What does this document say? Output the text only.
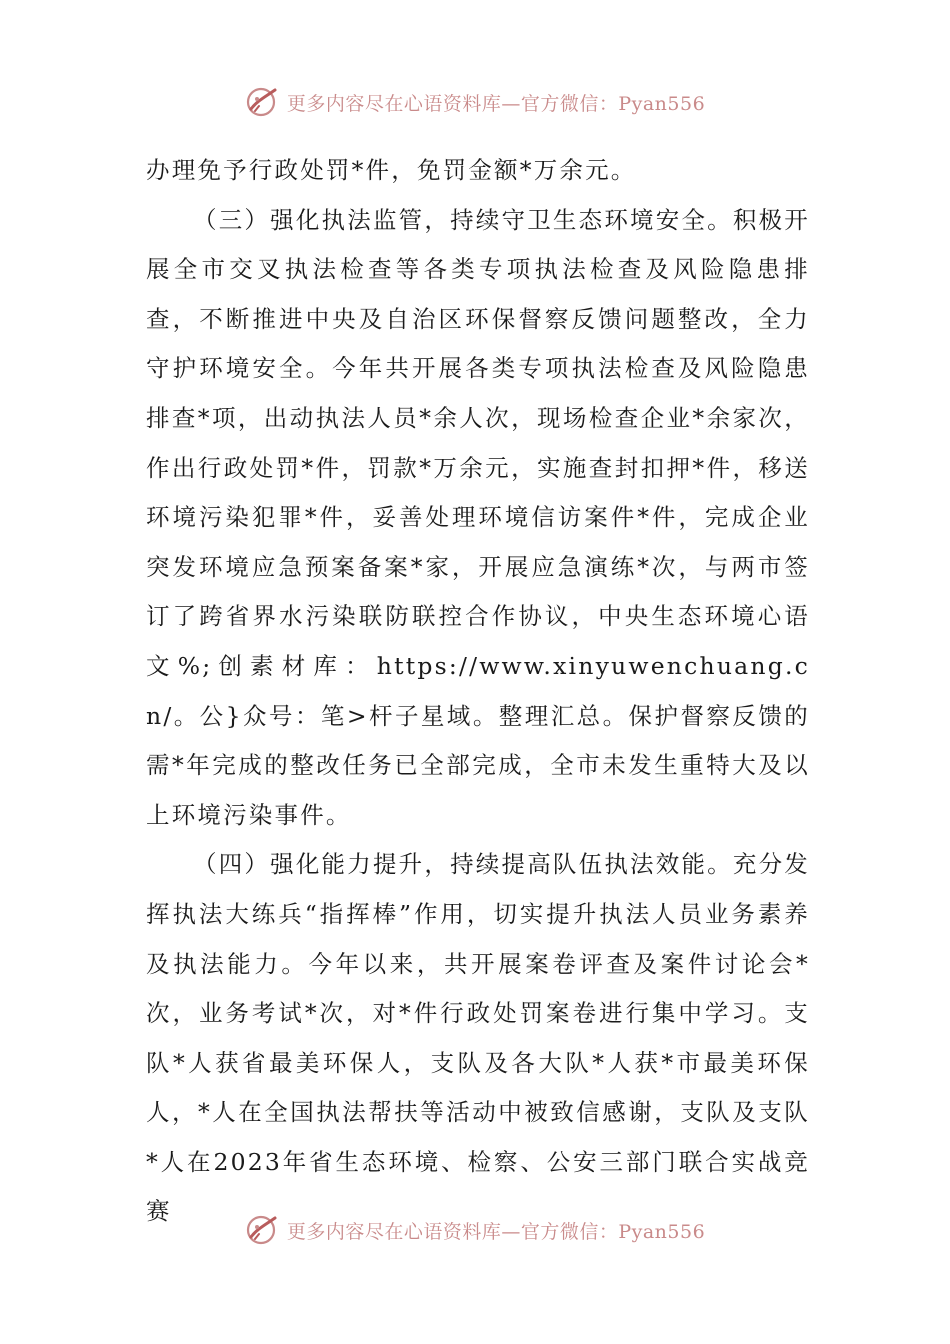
更多内容尽在心语资料库—官方微信：Pyan556

办理免予行政处罚*件，免罚金额*万余元。

（三）强化执法监管，持续守卫生态环境安全。积极开展全市交叉执法检查等各类专项执法检查及风险隐患排查，不断推进中央及自治区环保督察反馈问题整改，全力守护环境安全。今年共开展各类专项执法检查及风险隐患排查*项，出动执法人员*余人次，现场检查企业*余家次，作出行政处罚*件，罚款*万余元，实施查封扣押*件，移送环境污染犯罪*件，妥善处理环境信访案件*件，完成企业突发环境应急预案备案*家，开展应急演练*次，与两市签订了跨省界水污染联防联控合作协议，中央生态环境心语文%;创素材库：https://www.xinyuwenchuang.cn/。公}众号：笔>杆子星域。整理汇总。保护督察反馈的需*年完成的整改任务已全部完成，全市未发生重特大及以上环境污染事件。

（四）强化能力提升，持续提高队伍执法效能。充分发挥执法大练兵“指挥棒”作用，切实提升执法人员业务素养及执法能力。今年以来，共开展案卷评查及案件讨论会*次，业务考试*次，对*件行政处罚案卷进行集中学习。支队*人获省最美环保人，支队及各大队*人获*市最美环保人，*人在全国执法帮扶等活动中被致信感谢，支队及支队*人在2023年省生态环境、检察、公安三部门联合实战竞赛

更多内容尽在心语资料库—官方微信：Pyan556
